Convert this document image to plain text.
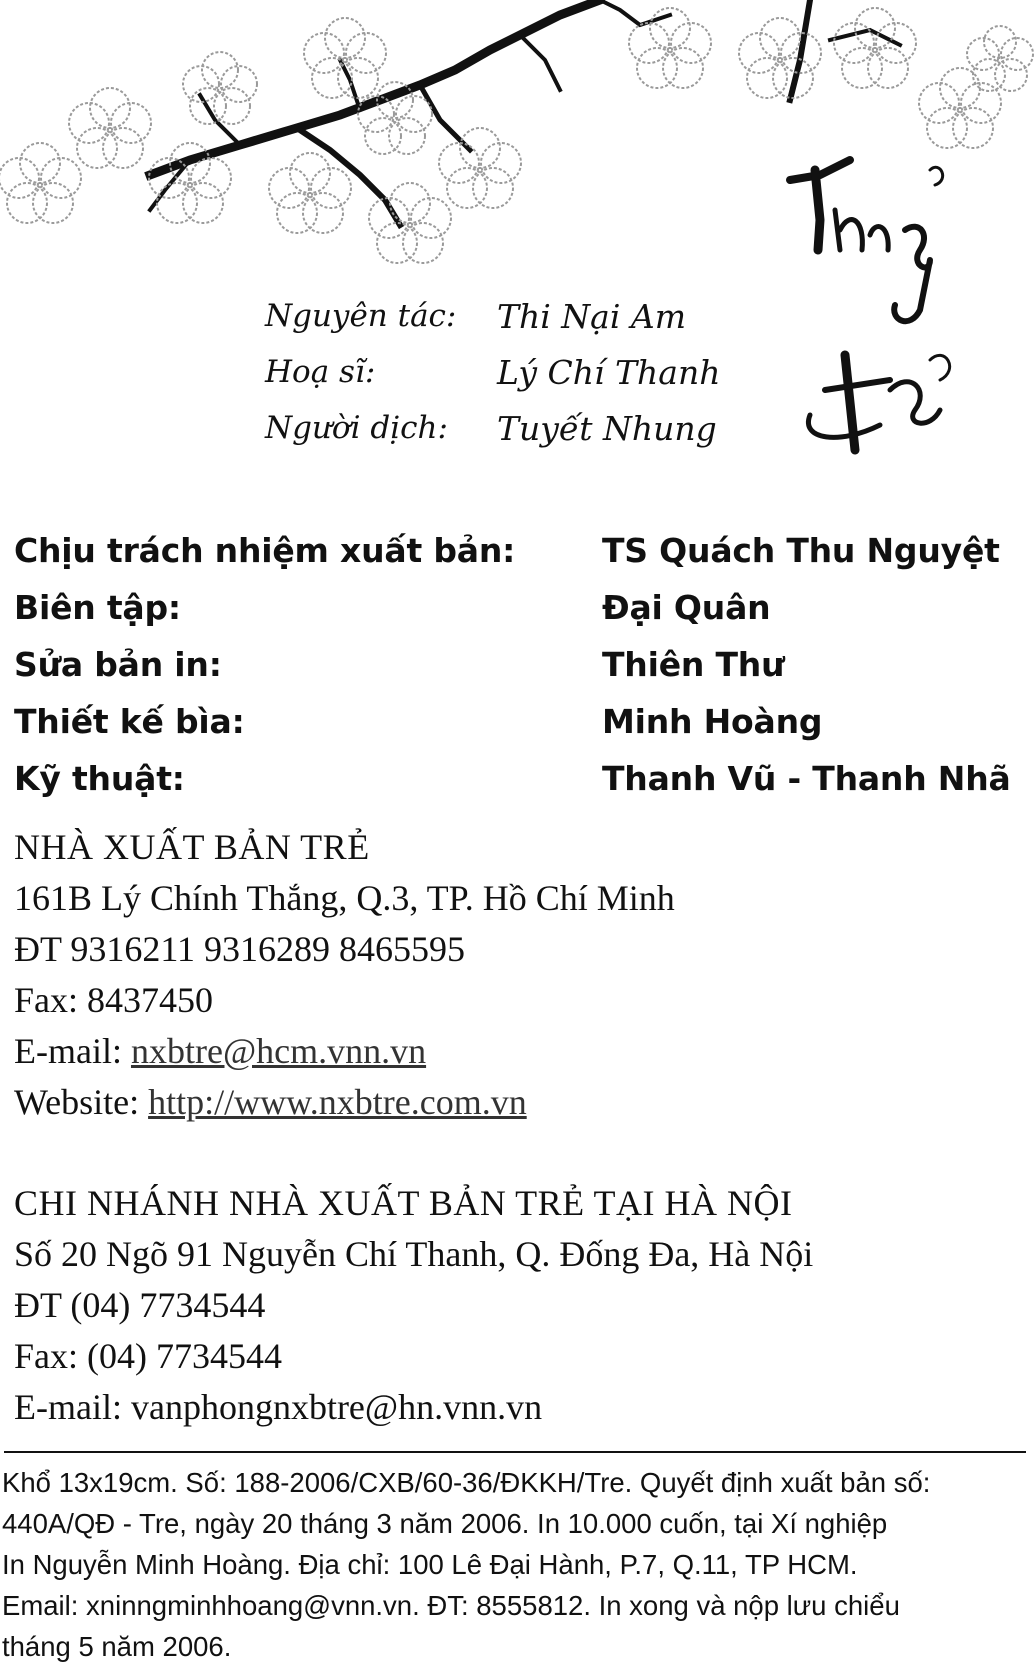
Nguyên tác:	Thi Nại Am
Hoạ sĩ:	Lý Chí Thanh
Người dịch:	Tuyết Nhung
Chịu trách nhiệm xuất bản:	TS Quách Thu Nguyệt
Biên tập:	Đại Quân
Sửa bản in:	Thiên Thư
Thiết kế bìa:	Minh Hoàng
Kỹ thuật:	Thanh Vũ - Thanh Nhã
NHÀ XUẤT BẢN TRẺ
161B Lý Chính Thắng, Q.3, TP. Hồ Chí Minh
ĐT 9316211 9316289 8465595
Fax: 8437450
E-mail: nxbtre@hcm.vnn.vn
Website: http://www.nxbtre.com.vn
CHI NHÁNH NHÀ XUẤT BẢN TRẺ TẠI HÀ NỘI
Số 20 Ngõ 91 Nguyễn Chí Thanh, Q. Đống Đa, Hà Nội
ĐT (04) 7734544
Fax: (04) 7734544
E-mail: vanphongnxbtre@hn.vnn.vn
Khổ 13x19cm. Số: 188-2006/CXB/60-36/ĐKKH/Tre. Quyết định xuất bản số:
440A/QĐ - Tre, ngày 20 tháng 3 năm 2006. In 10.000 cuốn, tại Xí nghiệp
In Nguyễn Minh Hoàng. Địa chỉ: 100 Lê Đại Hành, P.7, Q.11, TP HCM.
Email: xninngminhhoang@vnn.vn. ĐT: 8555812. In xong và nộp lưu chiểu
tháng 5 năm 2006.
